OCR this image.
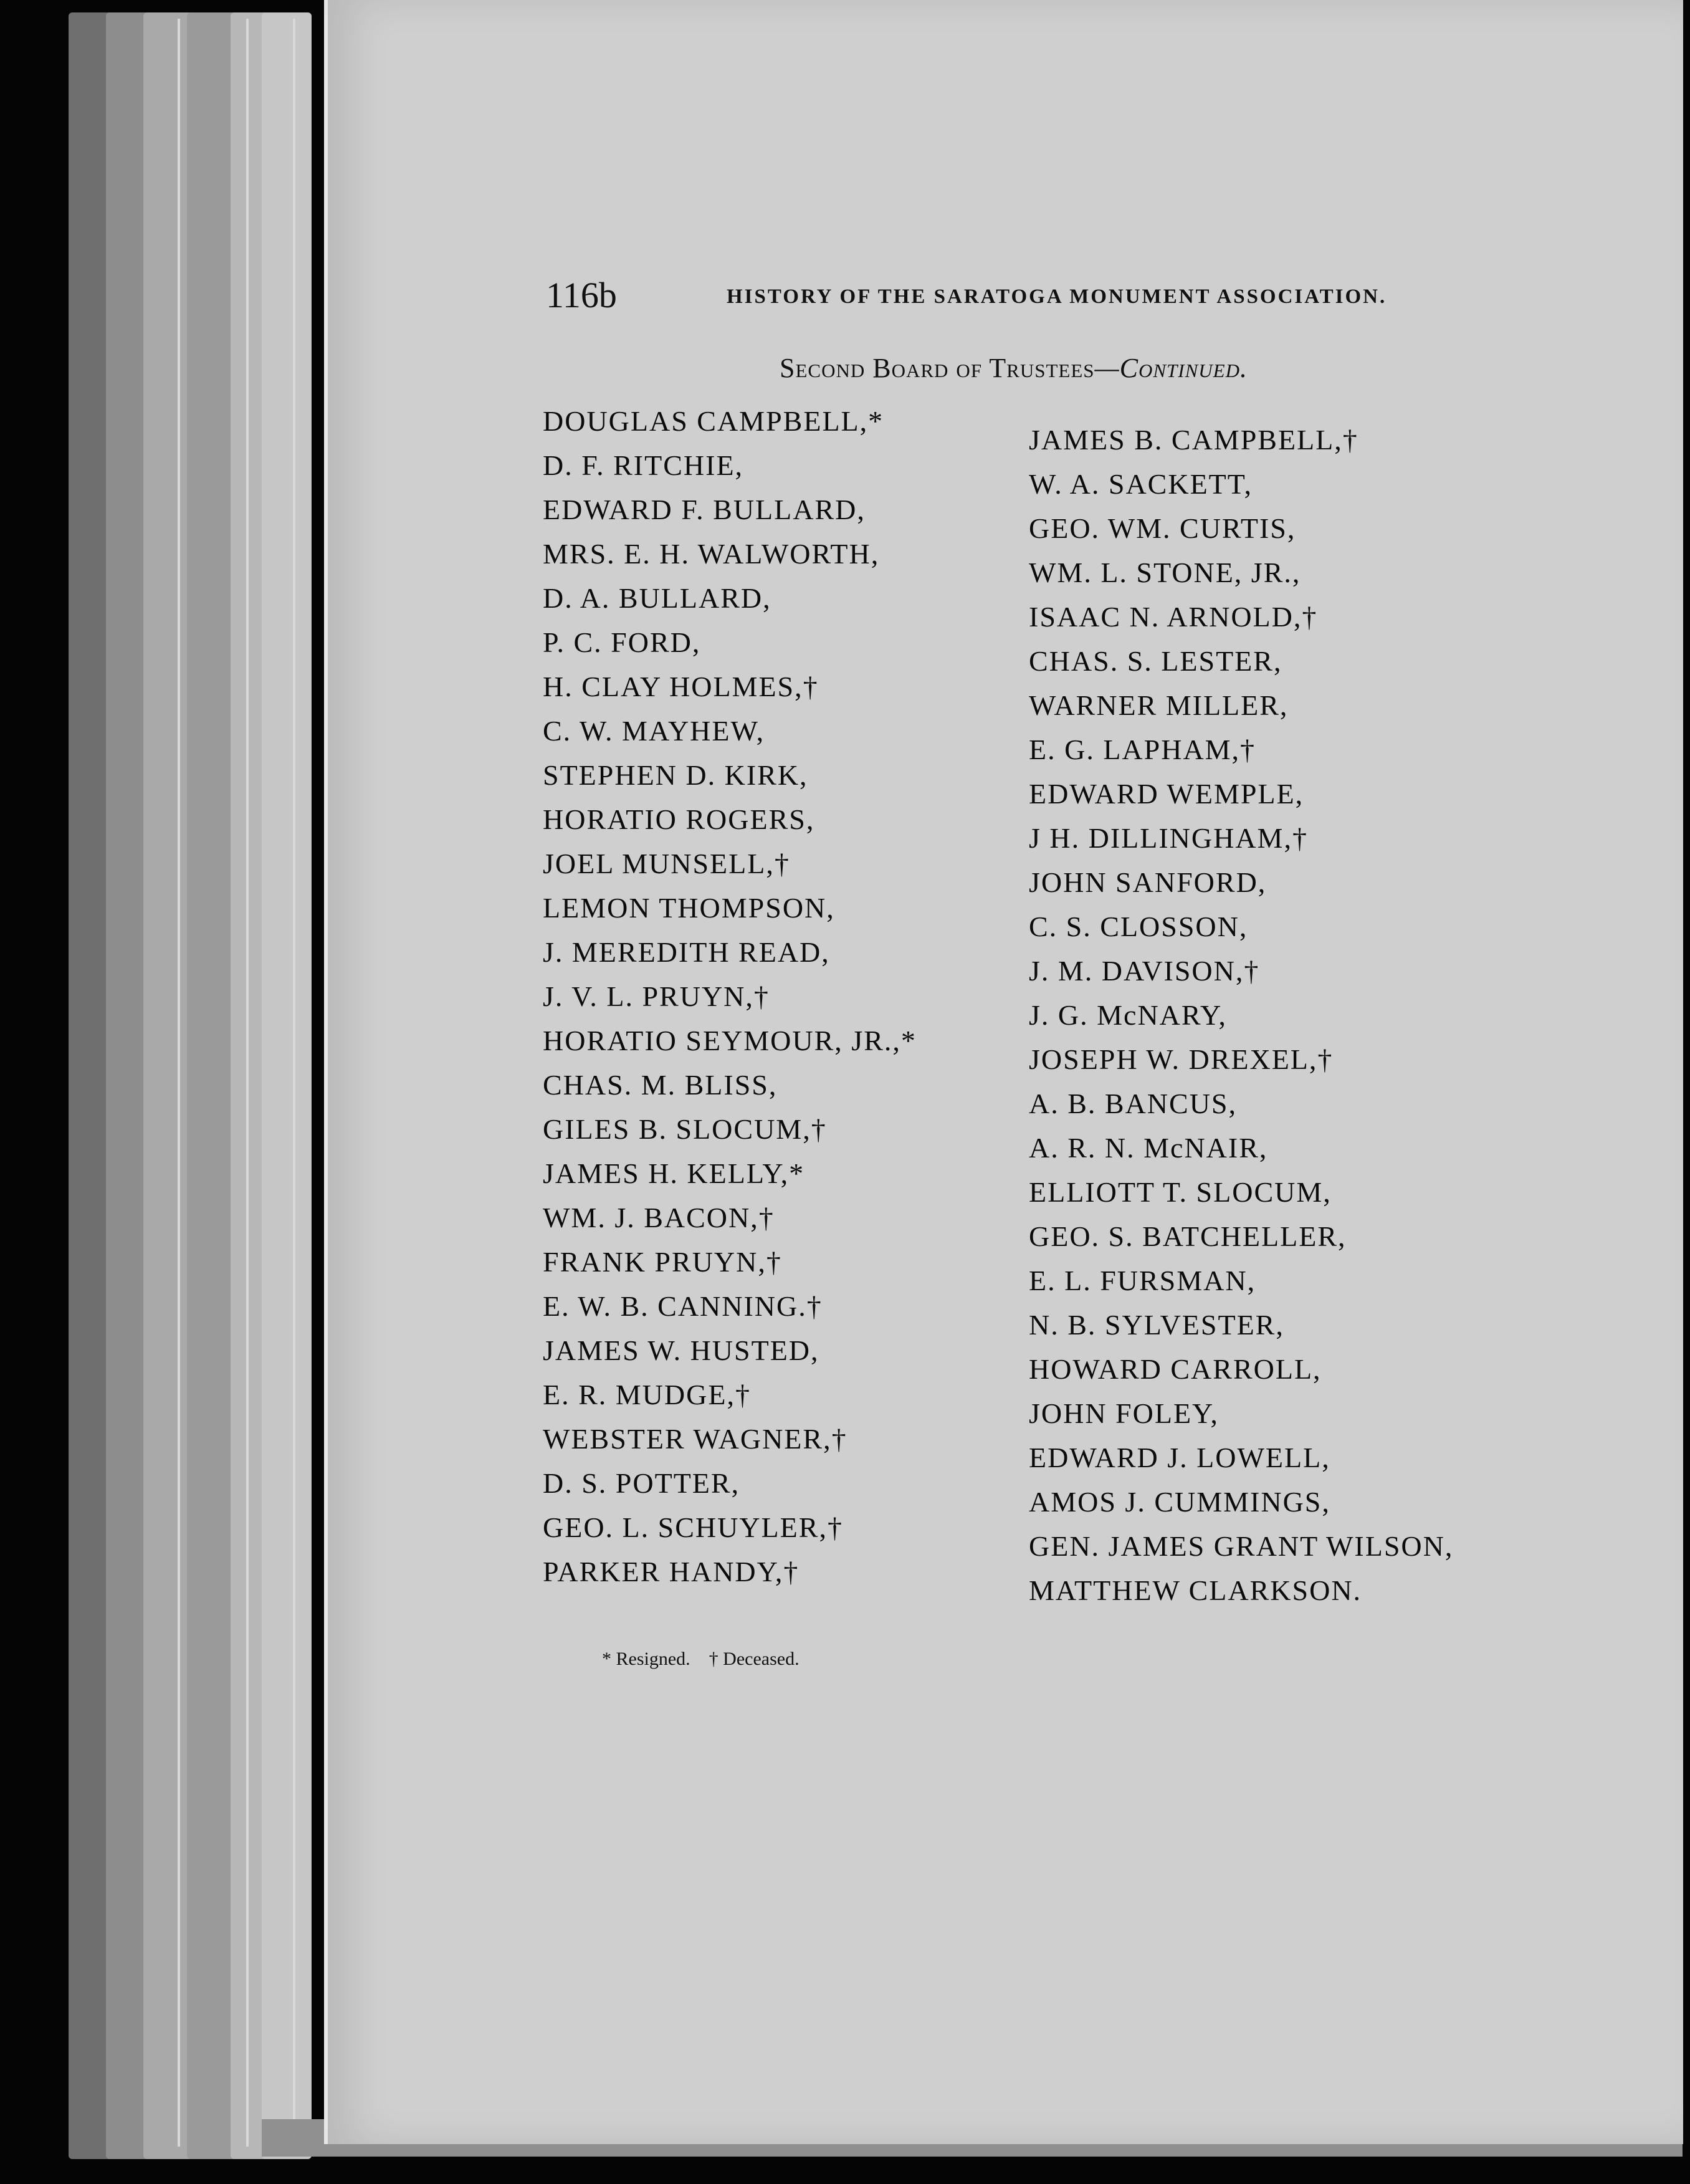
116b	HISTORY OF THE SARATOGA MONUMENT ASSOCIATION.
Second Board of Trustees—Continued.
DOUGLAS CAMPBELL,*
D. F. RITCHIE,
EDWARD F. BULLARD,
MRS. E. H. WALWORTH,
D. A. BULLARD,
P. C. FORD,
H. CLAY HOLMES,†
C. W. MAYHEW,
STEPHEN D. KIRK,
HORATIO ROGERS,
JOEL MUNSELL,†
LEMON THOMPSON,
J. MEREDITH READ,
J. V. L. PRUYN,†
HORATIO SEYMOUR, JR.,*
CHAS. M. BLISS,
GILES B. SLOCUM,†
JAMES H. KELLY,*
WM. J. BACON,†
FRANK PRUYN,†
E. W. B. CANNING.†
JAMES W. HUSTED,
E. R. MUDGE,†
WEBSTER WAGNER,†
D. S. POTTER,
GEO. L. SCHUYLER,†
PARKER HANDY,†
JAMES B. CAMPBELL,†
W. A. SACKETT,
GEO. WM. CURTIS,
WM. L. STONE, JR.,
ISAAC N. ARNOLD,†
CHAS. S. LESTER,
WARNER MILLER,
E. G. LAPHAM,†
EDWARD WEMPLE,
J H. DILLINGHAM,†
JOHN SANFORD,
C. S. CLOSSON,
J. M. DAVISON,†
J. G. McNARY,
JOSEPH W. DREXEL,†
A. B. BANCUS,
A. R. N. McNAIR,
ELLIOTT T. SLOCUM,
GEO. S. BATCHELLER,
E. L. FURSMAN,
N. B. SYLVESTER,
HOWARD CARROLL,
JOHN FOLEY,
EDWARD J. LOWELL,
AMOS J. CUMMINGS,
GEN. JAMES GRANT WILSON,
MATTHEW CLARKSON.
* Resigned. † Deceased.
